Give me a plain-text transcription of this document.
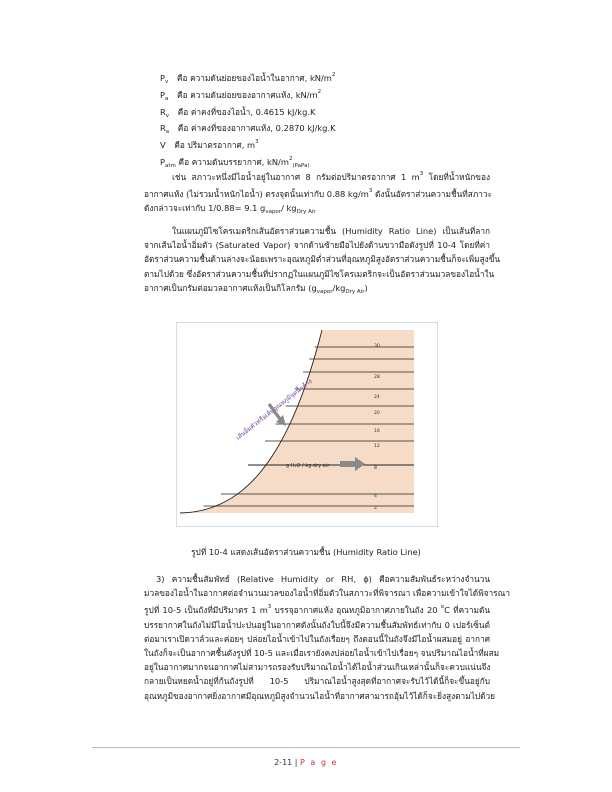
$P_v$ คือ ความดันย่อยของไอน้ำในอากาศ, $kN/m^2$
$P_a$ คือ ความดันย่อยของอากาศแห้ง, $kN/m^2$
$R_v$ คือ ค่าคงที่ของไอน้ำ, 0.4615 kJ/kg.K
$R_a$ คือ ค่าคงที่ของอากาศแห้ง, 0.2870 kJ/kg.K
V คือ ปริมาตรอากาศ, $m^3$
$P_{atm}$ คือ ความดันบรรยากาศ, $kN/m^2_{(PaPa)}$

เช่น สภาวะหนึ่งมีไอน้ำอยู่ในอากาศ 8 กรัมต่อปริมาตรอากาศ 1 $m^3$ โดยที่น้ำหนักของ

อากาศแห้ง (ไม่รวมน้ำหนักไอน้ำ) ตรงจุดนั้นเท่ากับ 0.88 $kg/m^3$ ดังนั้นอัตราส่วนความชื้นที่สภาวะ

ดังกล่าวจะเท่ากับ 1/0.88= 9.1 $g_{vapor}/$ $kg_{Dry Air}$

ในแผนภูมิไซโครเมตริกเส้นอัตราส่วนความชื้น (Humidity Ratio Line) เป็นเส้นที่ลาก

จากเส้นไอน้ำอิ่มตัว (Saturated Vapor) จากด้านซ้ายมือไปยังด้านขวามือดังรูปที่ 10-4 โดยที่ค่า

อัตราส่วนความชื้นด้านล่างจะน้อยเพราะอุณหภูมิต่ำส่วนที่อุณหภูมิสูงอัตราส่วนความชื้นก็จะเพิ่มสูงขึ้น

ตามไปด้วย ซึ่งอัตราส่วนความชื้นที่ปรากฏในแผนภูมิไซโครเมตริกจะเป็นอัตราส่วนมวลของไอน้ำใน

อากาศเป็นกรัมต่อมวลอากาศแห้งเป็นกิโลกรัม $(g_{vapor}/kg_{Dry Air})$

g H₂O / kg dry air
30
28
24
20
16
12
8
4
2
รูปที่ 10-4 แสดงเส้นอัตราส่วนความชื้น (Humidity Ratio Line)

3) ความชื้นสัมพัทธ์ (Relative Humidity or RH, ϕ) คือความสัมพันธ์ระหว่างจำนวน

มวลของไอน้ำในอากาศต่อจำนวนมวลของไอน้ำที่อิ่มตัวในสภาวะที่พิจารณา เพื่อความเข้าใจได้พิจารณา

รูปที่ 10-5 เป็นถังที่มีปริมาตร 1 $m^3$ บรรจุอากาศแห้ง อุณหภูมิอากาศภายในถัง 20 $^o$C ที่ความดัน

บรรยากาศในถังไม่มีไอน้ำปะปนอยู่ในอากาศดังนั้นถังใบนี้จึงมีความชื้นสัมพัทธ์เท่ากับ 0 เปอร์เซ็นต์

ต่อมาเราเปิดวาล์วและค่อยๆ ปล่อยไอน้ำเข้าไปในถังเรื่อยๆ ถึงตอนนี้ในถังจึงมีไอน้ำผสมอยู่ อากาศ

ในถังก็จะเป็นอากาศชื้นดังรูปที่ 10-5 และเมื่อเรายังคงปล่อยไอน้ำเข้าไปเรื่อยๆ จนปริมาณไอน้ำที่ผสม

อยู่ในอากาศมากจนอากาศไม่สามารถรองรับปริมาณไอน้ำได้ไอน้ำส่วนเกินเหล่านั้นก็จะควบแน่นจึง

กลายเป็นหยดน้ำอยู่ที่ก้นถังรูปที่ 10-5 ปริมาณไอน้ำสูงสุดที่อากาศจะรับไว้ได้นี้ก็จะขึ้นอยู่กับ

อุณหภูมิของอากาศยิ่งอากาศมีอุณหภูมิสูงจำนวนไอน้ำที่อากาศสามารถอุ้มไว้ได้ก็จะยิ่งสูงตามไปด้วย

2-11 | P a g e
